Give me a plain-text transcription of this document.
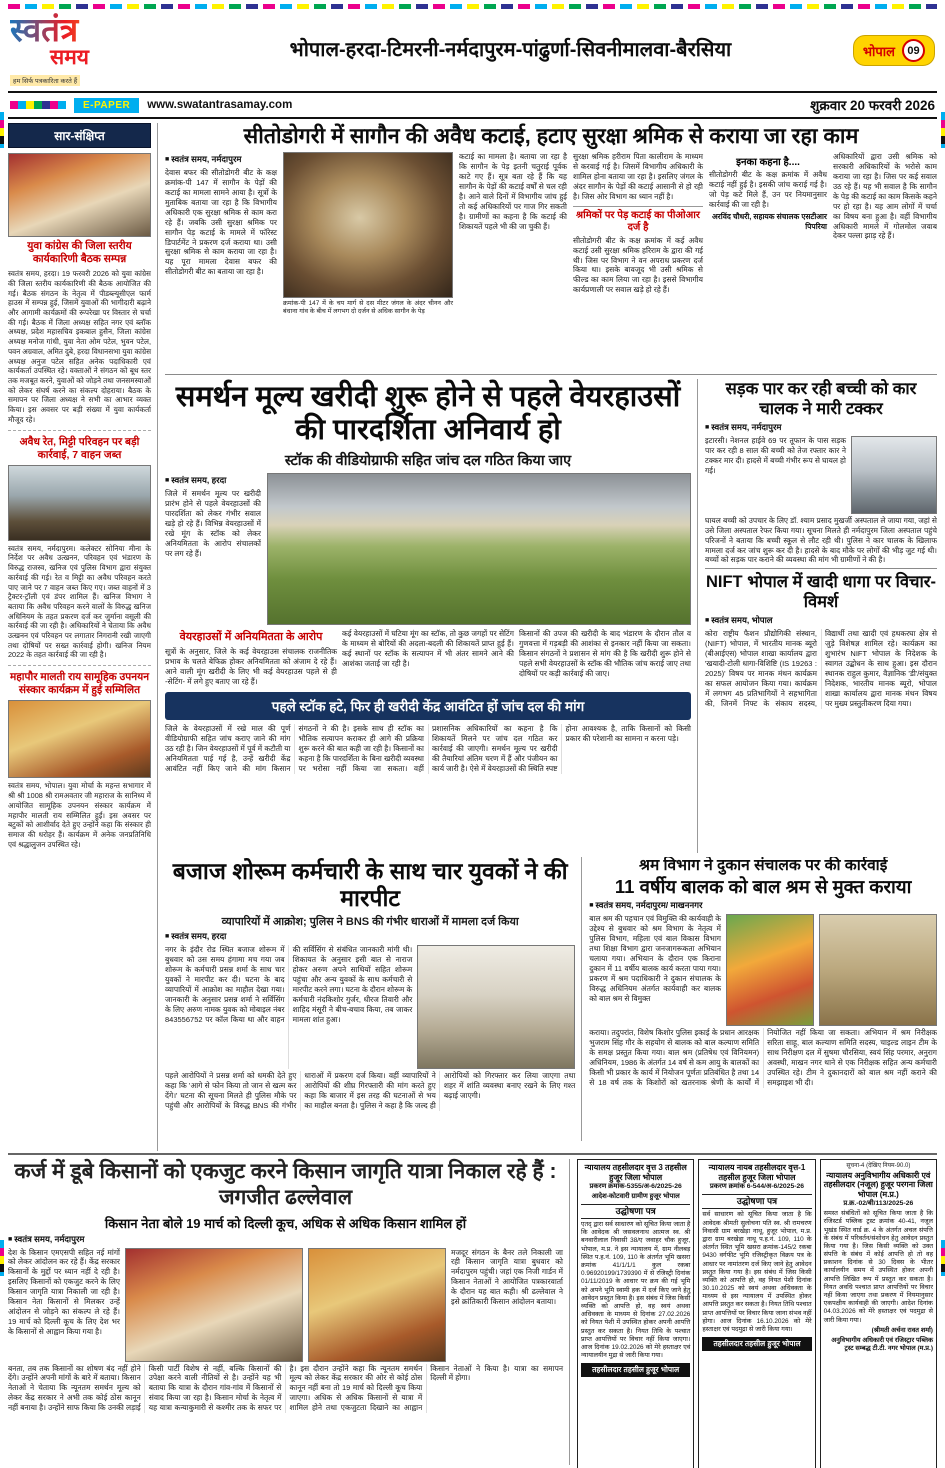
स्वतंत्र
समय
हम सिर्फ पत्रकारिता करते हैं
भोपाल-हरदा-टिमरनी-नर्मदापुरम-पांढुर्णा-सिवनीमालवा-बैरसिया	भोपाल	09
E-PAPER	www.swatantrasamay.com	शुक्रवार 20 फरवरी 2026
सार-संक्षिप्त
युवा कांग्रेस की जिला स्तरीय कार्यकारिणी बैठक सम्पन्न
स्वतंत्र समय, हरदा। 19 फरवरी 2026 को युवा कांग्रेस की जिला स्तरीय कार्यकारिणी की बैठक आयोजित की गई। बैठक संगठन के नेतृत्व में पीडब्ल्यूसीएल फार्म हाउस में सम्पन्न हुई, जिसमें युवाओं की भागीदारी बढ़ाने और आगामी कार्यक्रमों की रूपरेखा पर विस्तार से चर्चा की गई। बैठक में जिला अध्यक्ष सहित नगर एवं ब्लॉक अध्यक्ष, प्रदेश महासचिव इकबाल हुसैन, जिला कांग्रेस अध्यक्ष मनोज गांधी, युवा नेता ओम पटेल, भुवन पटेल, पवन अग्रवाल, अमित दुबे, हरदा विधानसभा युवा कांग्रेस अध्यक्ष अनुज पटेल सहित अनेक पदाधिकारी एवं कार्यकर्ता उपस्थित रहे। वक्ताओं ने संगठन को बूथ स्तर तक मजबूत करने, युवाओं को जोड़ने तथा जनसमस्याओं को लेकर संघर्ष करने का संकल्प दोहराया। बैठक के समापन पर जिला अध्यक्ष ने सभी का आभार व्यक्त किया। इस अवसर पर बड़ी संख्या में युवा कार्यकर्ता मौजूद रहे।
अवैध रेत, मिट्टी परिवहन पर बड़ी कार्रवाई, 7 वाहन जब्त
स्वतंत्र समय, नर्मदापुरम। कलेक्टर सोनिया मीना के निर्देश पर अवैध उत्खनन, परिवहन एवं भंडारण के विरुद्ध राजस्व, खनिज एवं पुलिस विभाग द्वारा संयुक्त कार्रवाई की गई। रेत व मिट्टी का अवैध परिवहन करते पाए जाने पर 7 वाहन जब्त किए गए। जब्त वाहनों में 3 ट्रैक्टर-ट्रॉली एवं डंपर शामिल हैं। खनिज विभाग ने बताया कि अवैध परिवहन करने वालों के विरुद्ध खनिज अधिनियम के तहत प्रकरण दर्ज कर जुर्माना वसूली की कार्रवाई की जा रही है। अधिकारियों ने चेताया कि अवैध उत्खनन एवं परिवहन पर लगातार निगरानी रखी जाएगी तथा दोषियों पर सख्त कार्रवाई होगी। खनिज नियम 2022 के तहत कार्रवाई की जा रही है।
महापौर मालती राय सामूहिक उपनयन संस्कार कार्यक्रम में हुई सम्मिलित
स्वतंत्र समय, भोपाल। युवा मोर्चा के महन्त सभागार में श्री श्री 1008 श्री रामअवतार जी महाराज के सानिध्य में आयोजित सामूहिक उपनयन संस्कार कार्यक्रम में महापौर मालती राय सम्मिलित हुईं। इस अवसर पर बटुकों को आशीर्वाद देते हुए उन्होंने कहा कि संस्कार ही समाज की धरोहर हैं। कार्यक्रम में अनेक जनप्रतिनिधि एवं श्रद्धालुजन उपस्थित रहे।
सीतोडोगरी में सागौन की अवैध कटाई, हटाए सुरक्षा श्रमिक से कराया जा रहा काम
■ स्वतंत्र समय, नर्मदापुरम
देवास बफर की सीतोडोगरी बीट के कक्ष क्रमांक-पी 147 में सागौन के पेड़ों की कटाई का मामला सामने आया है। सूत्रों के मुताबिक बताया जा रहा है कि विभागीय अधिकारी एक सुरक्षा श्रमिक से काम करा रहे हैं। जबकि उसी सुरक्षा श्रमिक पर सागौन पेड़ कटाई के मामले में फॉरेस्ट डिपार्टमेंट ने प्रकरण दर्ज कराया था। उसी सुरक्षा श्रमिक से काम कराया जा रहा है। यह पूरा मामला देवास बफर की सीतोडोगरी बीट का बताया जा रहा है।
क्रमांक-पी 147 में के चप मार्ग से दस मीटर जंगल के अंदर चीनन और बंधाना गांव के बीच में लगभग दो दर्जन से अधिक सागौन के पेड़
कटाई का मामला है। बताया जा रहा है कि सागौन के पेड़ इतनी चतुराई पूर्वक काटे गए हैं। सूत्र बता रहे हैं कि यह सागौन के पेड़ों की कटाई वर्षों से चल रही है। आने वाले दिनों में विभागीय जांच हुई तो कई अधिकारियों पर गाज गिर सकती है। ग्रामीणों का कहना है कि कटाई की शिकायतें पहले भी की जा चुकी हैं।
सुरक्षा श्रमिक हरीराम पिता कालीराम के माध्यम से करवाई गई है। जिसमें विभागीय अधिकारी के शामिल होना बताया जा रहा है। इसलिए जंगल के अंदर सागौन के पेड़ों की कटाई आसानी से हो रही है। जिस ओर विभाग का ध्यान नहीं है।
श्रमिकों पर पेड़ कटाई का पीओआर दर्ज है
सीतोडोगरी बीट के कक्ष क्रमांक में कई अवैध कटाई उसी सुरक्षा श्रमिक हरिराम के द्वारा की गई थी। जिस पर विभाग ने वन अपराध प्रकरण दर्ज किया था। इसके बावजूद भी उसी श्रमिक से फील्ड का काम लिया जा रहा है। इससे विभागीय कार्यप्रणाली पर सवाल खड़े हो रहे हैं।
इनका कहना है....
सीतोडोगरी बीट के कक्ष क्रमांक में अवैध कटाई नहीं हुई है। इसकी जांच कराई गई है। जो पेड़ कटे मिले हैं, उन पर नियमानुसार कार्रवाई की जा रही है।
अरविंद चौधरी, सहायक संचालक एसटीआर पिपरिया
अधिकारियों द्वारा उसी श्रमिक को सरकारी अधिकारियों के भरोसे काम कराया जा रहा है। जिस पर कई सवाल उठ रहे हैं। यह भी सवाल है कि सागौन के पेड़ की कटाई का काम किसके कहने पर हो रहा है। यह आम लोगों में चर्चा का विषय बना हुआ है। वहीं विभागीय अधिकारी मामले में गोलमोल जवाब देकर पल्ला झाड़ रहे हैं।
समर्थन मूल्य खरीदी शुरू होने से पहले वेयरहाउसों की पारदर्शिता अनिवार्य हो
स्टॉक की वीडियोग्राफी सहित जांच दल गठित किया जाए
■ स्वतंत्र समय, हरदा
जिले में समर्थन मूल्य पर खरीदी प्रारंभ होने से पहले वेयरहाउसों की पारदर्शिता को लेकर गंभीर सवाल खड़े हो रहे हैं। विभिन्न वेयरहाउसों में रखे मूंग के स्टॉक को लेकर अनियमितता के आरोप संचालकों पर लग रहे हैं।
वेयरहाउसों में अनियमितता के आरोप
सूत्रों के अनुसार, जिले के कई वेयरहाउस संचालक राजनीतिक प्रभाव के चलते बेफिक्र होकर अनियमितता को अंजाम दे रहे हैं। आने वाली मूंग खरीदी के लिए भी कई वेयरहाउस पहले से ही -सेटिंग- में लगे हुए बताए जा रहे हैं।
कई वेयरहाउसों में घटिया मूंग का स्टॉक, तो कुछ जगहों पर सेटिंग के माध्यम से बोरियों की अदला-बदली की शिकायतें प्राप्त हुई हैं। कई स्थानों पर स्टॉक के सत्यापन में भी अंतर सामने आने की आशंका जताई जा रही है।
किसानों की उपज की खरीदी के बाद भंडारण के दौरान तौल व गुणवत्ता में गड़बड़ी की आशंका से इनकार नहीं किया जा सकता। किसान संगठनों ने प्रशासन से मांग की है कि खरीदी शुरू होने से पहले सभी वेयरहाउसों के स्टॉक की भौतिक जांच कराई जाए तथा दोषियों पर कड़ी कार्रवाई की जाए।
पहले स्टॉक हटे, फिर ही खरीदी केंद्र आवंटित हों जांच दल की मांग
जिले के वेयरहाउसों में रखे माल की पूर्ण वीडियोग्राफी सहित जांच कराए जाने की मांग उठ रही है। जिन वेयरहाउसों में पूर्व में कटौती या अनियमितता पाई गई है, उन्हें खरीदी केंद्र आवंटित नहीं किए जाने की मांग किसान संगठनों ने की है। इसके साथ ही स्टॉक का भौतिक सत्यापन कराकर ही आगे की प्रक्रिया शुरू करने की बात कही जा रही है। किसानों का कहना है कि पारदर्शिता के बिना खरीदी व्यवस्था पर भरोसा नहीं किया जा सकता। वहीं प्रशासनिक अधिकारियों का कहना है कि शिकायतें मिलने पर जांच दल गठित कर कार्रवाई की जाएगी। समर्थन मूल्य पर खरीदी की तैयारियां अंतिम चरण में हैं और पंजीयन का कार्य जारी है। ऐसे में वेयरहाउसों की स्थिति स्पष्ट होना आवश्यक है, ताकि किसानों को किसी प्रकार की परेशानी का सामना न करना पड़े।
सड़क पार कर रही बच्ची को कार चालक ने मारी टक्कर
■ स्वतंत्र समय, नर्मदापुरम
इटारसी। नेशनल हाईवे 69 पर तूफान के पास सड़क पार कर रही 8 साल की बच्ची को तेज रफ्तार कार ने टक्कर मार दी। हादसे में बच्ची गंभीर रूप से घायल हो गई।
घायल बच्ची को उपचार के लिए डॉ. श्याम प्रसाद मुखर्जी अस्पताल ले जाया गया, जहां से उसे जिला अस्पताल रेफर किया गया। सूचना मिलते ही नर्मदापुरम जिला अस्पताल पहुंचे परिजनों ने बताया कि बच्ची स्कूल से लौट रही थी। पुलिस ने कार चालक के खिलाफ मामला दर्ज कर जांच शुरू कर दी है। हादसे के बाद मौके पर लोगों की भीड़ जुट गई थी। बच्चों को सड़क पार कराने की व्यवस्था की मांग भी ग्रामीणों ने की है।
NIFT भोपाल में खादी धागा पर विचार-विमर्श
■ स्वतंत्र समय, भोपाल
कोरा राष्ट्रीय फैशन प्रौद्योगिकी संस्थान, (NIFT) भोपाल, में भारतीय मानक ब्यूरो (बीआईएस) भोपाल शाखा कार्यालय द्वारा 'खयादी-टोली धागा-विशिष्टि (IS 19263 : 2025)' विषय पर मानक मंथन कार्यक्रम का सफल आयोजन किया गया। कार्यक्रम में लगभग 45 प्रतिभागियों ने सहभागिता की, जिनमें निफ्ट के संकाय सदस्य, विद्यार्थी तथा खादी एवं हथकरघा क्षेत्र से जुड़े विशेषज्ञ शामिल रहे। कार्यक्रम का शुभारंभ NIFT भोपाल के निदेशक के स्वागत उद्बोधन के साथ हुआ। इस दौरान स्थानक राहुल कुमार, वैज्ञानिक 'डी'/संयुक्त निदेशक, भारतीय मानक ब्यूरो, भोपाल शाखा कार्यालय द्वारा मानक मंथन विषय पर मुख्य प्रस्तुतीकरण दिया गया।
बजाज शोरूम कर्मचारी के साथ चार युवकों ने की मारपीट
व्यापारियों में आक्रोश; पुलिस ने BNS की गंभीर धाराओं में मामला दर्ज किया
■ स्वतंत्र समय, हरदा
नगर के इंदौर रोड स्थित बजाज शोरूम में बुधवार को उस समय हंगामा मच गया जब शोरूम के कर्मचारी प्रसन्न शर्मा के साथ चार युवकों ने मारपीट कर दी। घटना के बाद व्यापारियों में आक्रोश का माहौल देखा गया। जानकारी के अनुसार प्रसन्न शर्मा ने सर्विसिंग के लिए अरुण नामक युवक को मोबाइल नंबर 843556752 पर कॉल किया था और वाहन की सर्विसिंग से संबंधित जानकारी मांगी थी। शिकायत के अनुसार इसी बात से नाराज होकर अरुण अपने साथियों सहित शोरूम पहुंचा और अन्य युवकों के साथ कर्मचारी से मारपीट करने लगा। घटना के दौरान शोरूम के कर्मचारी नंदकिशोर गुर्जर, धीरज तिवारी और शाहिद मंसूरी ने बीच-बचाव किया, तब जाकर मामला शांत हुआ।
पहले आरोपियों ने प्रसन्न शर्मा को धमकी देते हुए कहा कि 'आगे से फोन किया तो जान से खत्म कर देंगे।' घटना की सूचना मिलते ही पुलिस मौके पर पहुंची और आरोपियों के विरुद्ध BNS की गंभीर धाराओं में प्रकरण दर्ज किया। वहीं व्यापारियों ने आरोपियों की शीघ्र गिरफ्तारी की मांग करते हुए कहा कि बाजार में इस तरह की घटनाओं से भय का माहौल बनता है। पुलिस ने कहा है कि जल्द ही आरोपियों को गिरफ्तार कर लिया जाएगा तथा शहर में शांति व्यवस्था बनाए रखने के लिए गश्त बढ़ाई जाएगी।
श्रम विभाग ने दुकान संचालक पर की कार्रवाई
11 वर्षीय बालक को बाल श्रम से मुक्त कराया
■ स्वतंत्र समय, नर्मदापुरम/ माखननगर
बाल श्रम की पहचान एवं विमुक्ति की कार्यवाही के उद्देश्य से बुधवार को श्रम विभाग के नेतृत्व में पुलिस विभाग, महिला एवं बाल विकास विभाग तथा शिक्षा विभाग द्वारा जनजागरूकता अभियान चलाया गया। अभियान के दौरान एक किराना दुकान में 11 वर्षीय बालक कार्य करता पाया गया। प्रकरण में श्रम पदाधिकारी ने दुकान संचालक के विरुद्ध अधिनियम अंतर्गत कार्यवाही कर बालक को बाल श्रम से विमुक्त
कराया। तदुपरांत, विशेष किशोर पुलिस इकाई के प्रधान आरक्षक भुजराम सिंह गौर के सहयोग से बालक को बाल कल्याण समिति के समक्ष प्रस्तुत किया गया। बाल श्रम (प्रतिषेध एवं विनियमन) अधिनियम, 1986 के अंतर्गत 14 वर्ष से कम आयु के बालकों का किसी भी प्रकार के कार्य में नियोजन पूर्णतः प्रतिबंधित है तथा 14 से 18 वर्ष तक के किशोरों को खतरनाक श्रेणी के कार्यों में नियोजित नहीं किया जा सकता। अभियान में श्रम निरीक्षक सरिता साहू, बाल कल्याण समिति सदस्य, चाइल्ड लाइन टीम के साथ निरीक्षण दल में सुषमा चौरसिया, स्वयं सिंह परमार, अनुराग अवस्थी, माखन नगर थाने से एक निरीक्षक सहित अन्य कर्मचारी उपस्थित रहे। टीम ने दुकानदारों को बाल श्रम नहीं कराने की समझाइश भी दी।
कर्ज में डूबे किसानों को एकजुट करने किसान जागृति यात्रा निकाल रहे हैं : जगजीत ढल्लेवाल
किसान नेता बोले 19 मार्च को दिल्ली कूच, अधिक से अधिक किसान शामिल हों
■ स्वतंत्र समय, नर्मदापुरम
देश के किसान एमएसपी सहित नई मांगों को लेकर आंदोलन कर रहे हैं। केंद्र सरकार किसानों के मुद्दों पर ध्यान नहीं दे रही है। इसलिए किसानों को एकजुट करने के लिए किसान जागृति यात्रा निकाली जा रही है। किसान नेता किसानों से मिलकर उन्हें आंदोलन से जोड़ने का संकल्प ले रहे हैं। 19 मार्च को दिल्ली कूच के लिए देश भर के किसानों से आह्वान किया गया है।
मजदूर संगठन के बैनर तले निकाली जा रही किसान जागृति यात्रा बुधवार को नर्मदापुरम पहुंची। जहां एक निजी गार्डन में किसान नेताओं ने आयोजित पत्रकारवार्ता के दौरान यह बात कही। श्री ढल्लेवाल ने इसे क्रांतिकारी किसान आंदोलन बताया।
बनता, तब तक किसानों का शोषण बंद नहीं होने देंगे। उन्होंने अपनी मांगों के बारे में बताया। किसान नेताओं ने चेताया कि न्यूनतम समर्थन मूल्य को लेकर केंद्र सरकार ने अभी तक कोई ठोस कानून नहीं बनाया है। उन्होंने साफ किया कि उनकी लड़ाई किसी पार्टी विशेष से नहीं, बल्कि किसानों की उपेक्षा करने वाली नीतियों से है। उन्होंने यह भी बताया कि यात्रा के दौरान गांव-गांव में किसानों से संवाद किया जा रहा है। किसान मोर्चा के नेतृत्व में यह यात्रा कन्याकुमारी से कश्मीर तक के सफर पर है। इस दौरान उन्होंने कहा कि न्यूनतम समर्थन मूल्य को लेकर केंद्र सरकार की ओर से कोई ठोस कानून नहीं बना तो 19 मार्च को दिल्ली कूच किया जाएगा। अधिक से अधिक किसानों से यात्रा में शामिल होने तथा एकजुटता दिखाने का आह्वान किसान नेताओं ने किया है। यात्रा का समापन दिल्ली में होगा।
न्यायालय तहसीलदार वृत्त 3 तहसील हुजूर जिला भोपाल
प्रकरण क्रमांक-5355/अ-6/2025-26
आदेश-कोटवारी ग्रामीण हुजूर भोपाल
उद्घोषणा पत्र
एतद् द्वारा सर्व साधारण को सूचित किया जाता है कि आवेदक श्री जसवलनाथ आत्मज स्व. श्री बनवारीलाल निवासी 38/ए जवाहर चौक हुजूर, भोपाल, म.प्र. ने इस न्यायालय में, ग्राम नीलबड़ स्थित प.ह.नं. 109, 110 के अंतर्गत भूमि खसरा क्रमांक 41/1/1/1 कुल रकबा 0.96920199/1739390 में से रजिस्ट्री दिनांक 01/11/2019 के आधार पर क्रय की गई भूमि को अपने भूमि स्वामी हक में दर्ज किए जाने हेतु आवेदन प्रस्तुत किया है। इस संबंध में जिस किसी व्यक्ति को आपत्ति हो, वह स्वयं अथवा अधिवक्ता के माध्यम से दिनांक 27.02.2026 को नियत पेशी में उपस्थित होकर अपनी आपत्ति प्रस्तुत कर सकता है। नियत तिथि के पश्चात प्राप्त आपत्तियों पर विचार नहीं किया जाएगा। आज दिनांक 19.02.2026 को मेरे हस्ताक्षर एवं न्यायालयीन मुद्रा से जारी किया गया।
तहसीलदार तहसील हुजूर भोपाल
न्यायालय नायब तहसीलदार वृत्त-1 तहसील हुजूर जिला भोपाल
प्रकरण क्रमांक 6-544/अ-6/2025-26
उद्घोषणा पत्र
सर्व साधारण को सूचित किया जाता है कि आवेदक श्रीमती सुलोचना पति स्व. श्री रामचरण निवासी ग्राम बरखेड़ा नाथू, हुजूर भोपाल, म.प्र. द्वारा ग्राम बरखेड़ा नाथू प.ह.नं. 109, 110 के अंतर्गत स्थित भूमि खसरा क्रमांक-145/2 रकबा 9430 वर्गफीट भूमि रजिस्ट्रीकृत विक्रय पत्र के आधार पर नामांतरण दर्ज किए जाने हेतु आवेदन प्रस्तुत किया गया है। इस संबंध में जिस किसी व्यक्ति को आपत्ति हो, वह नियत पेशी दिनांक 30.10.2025 को स्वयं अथवा अधिवक्ता के माध्यम से इस न्यायालय में उपस्थित होकर आपत्ति प्रस्तुत कर सकता है। नियत तिथि पश्चात प्राप्त आपत्तियों पर विचार किया जाना संभव नहीं होगा। आज दिनांक 16.10.2026 को मेरे हस्ताक्षर एवं पदमुद्रा से जारी किया गया।
तहसीलदार तहसील हुजूर भोपाल
सूचना-4 (देखिए नियम-90.0)
न्यायालय अनुविभागीय अधिकारी एवं तहसीलदार (नजूल) हुजूर परगना जिला भोपाल (म.प्र.)
प्र.क्र.-02/बी/113/2025-26
समस्त संबंधितों को सूचित किया जाता है कि रजिस्टर्ड पब्लिक ट्रस्ट क्रमांक 40-41, नजूल भूखंड स्थित वार्ड क्र. 4 के अंतर्गत अचल संपत्ति के संबंध में परिवर्तन/संशोधन हेतु आवेदन प्रस्तुत किया गया है। जिस किसी व्यक्ति को उक्त संपत्ति के संबंध में कोई आपत्ति हो तो वह प्रकाशन दिनांक से 30 दिवस के भीतर कार्यालयीन समय में उपस्थित होकर अपनी आपत्ति लिखित रूप में प्रस्तुत कर सकता है। नियत अवधि पश्चात प्राप्त आपत्तियों पर विचार नहीं किया जाएगा तथा प्रकरण में नियमानुसार एकपक्षीय कार्यवाही की जाएगी। आदेश दिनांक 04.03.2026 को मेरे हस्ताक्षर एवं पदमुद्रा से जारी किया गया।
(श्रीमती अर्चना रावत शर्मा)
अनुविभागीय अधिकारी एवं रजिस्ट्रार पब्लिक ट्रस्ट सम्बद्ध टी.टी. नगर भोपाल (म.प्र.)
